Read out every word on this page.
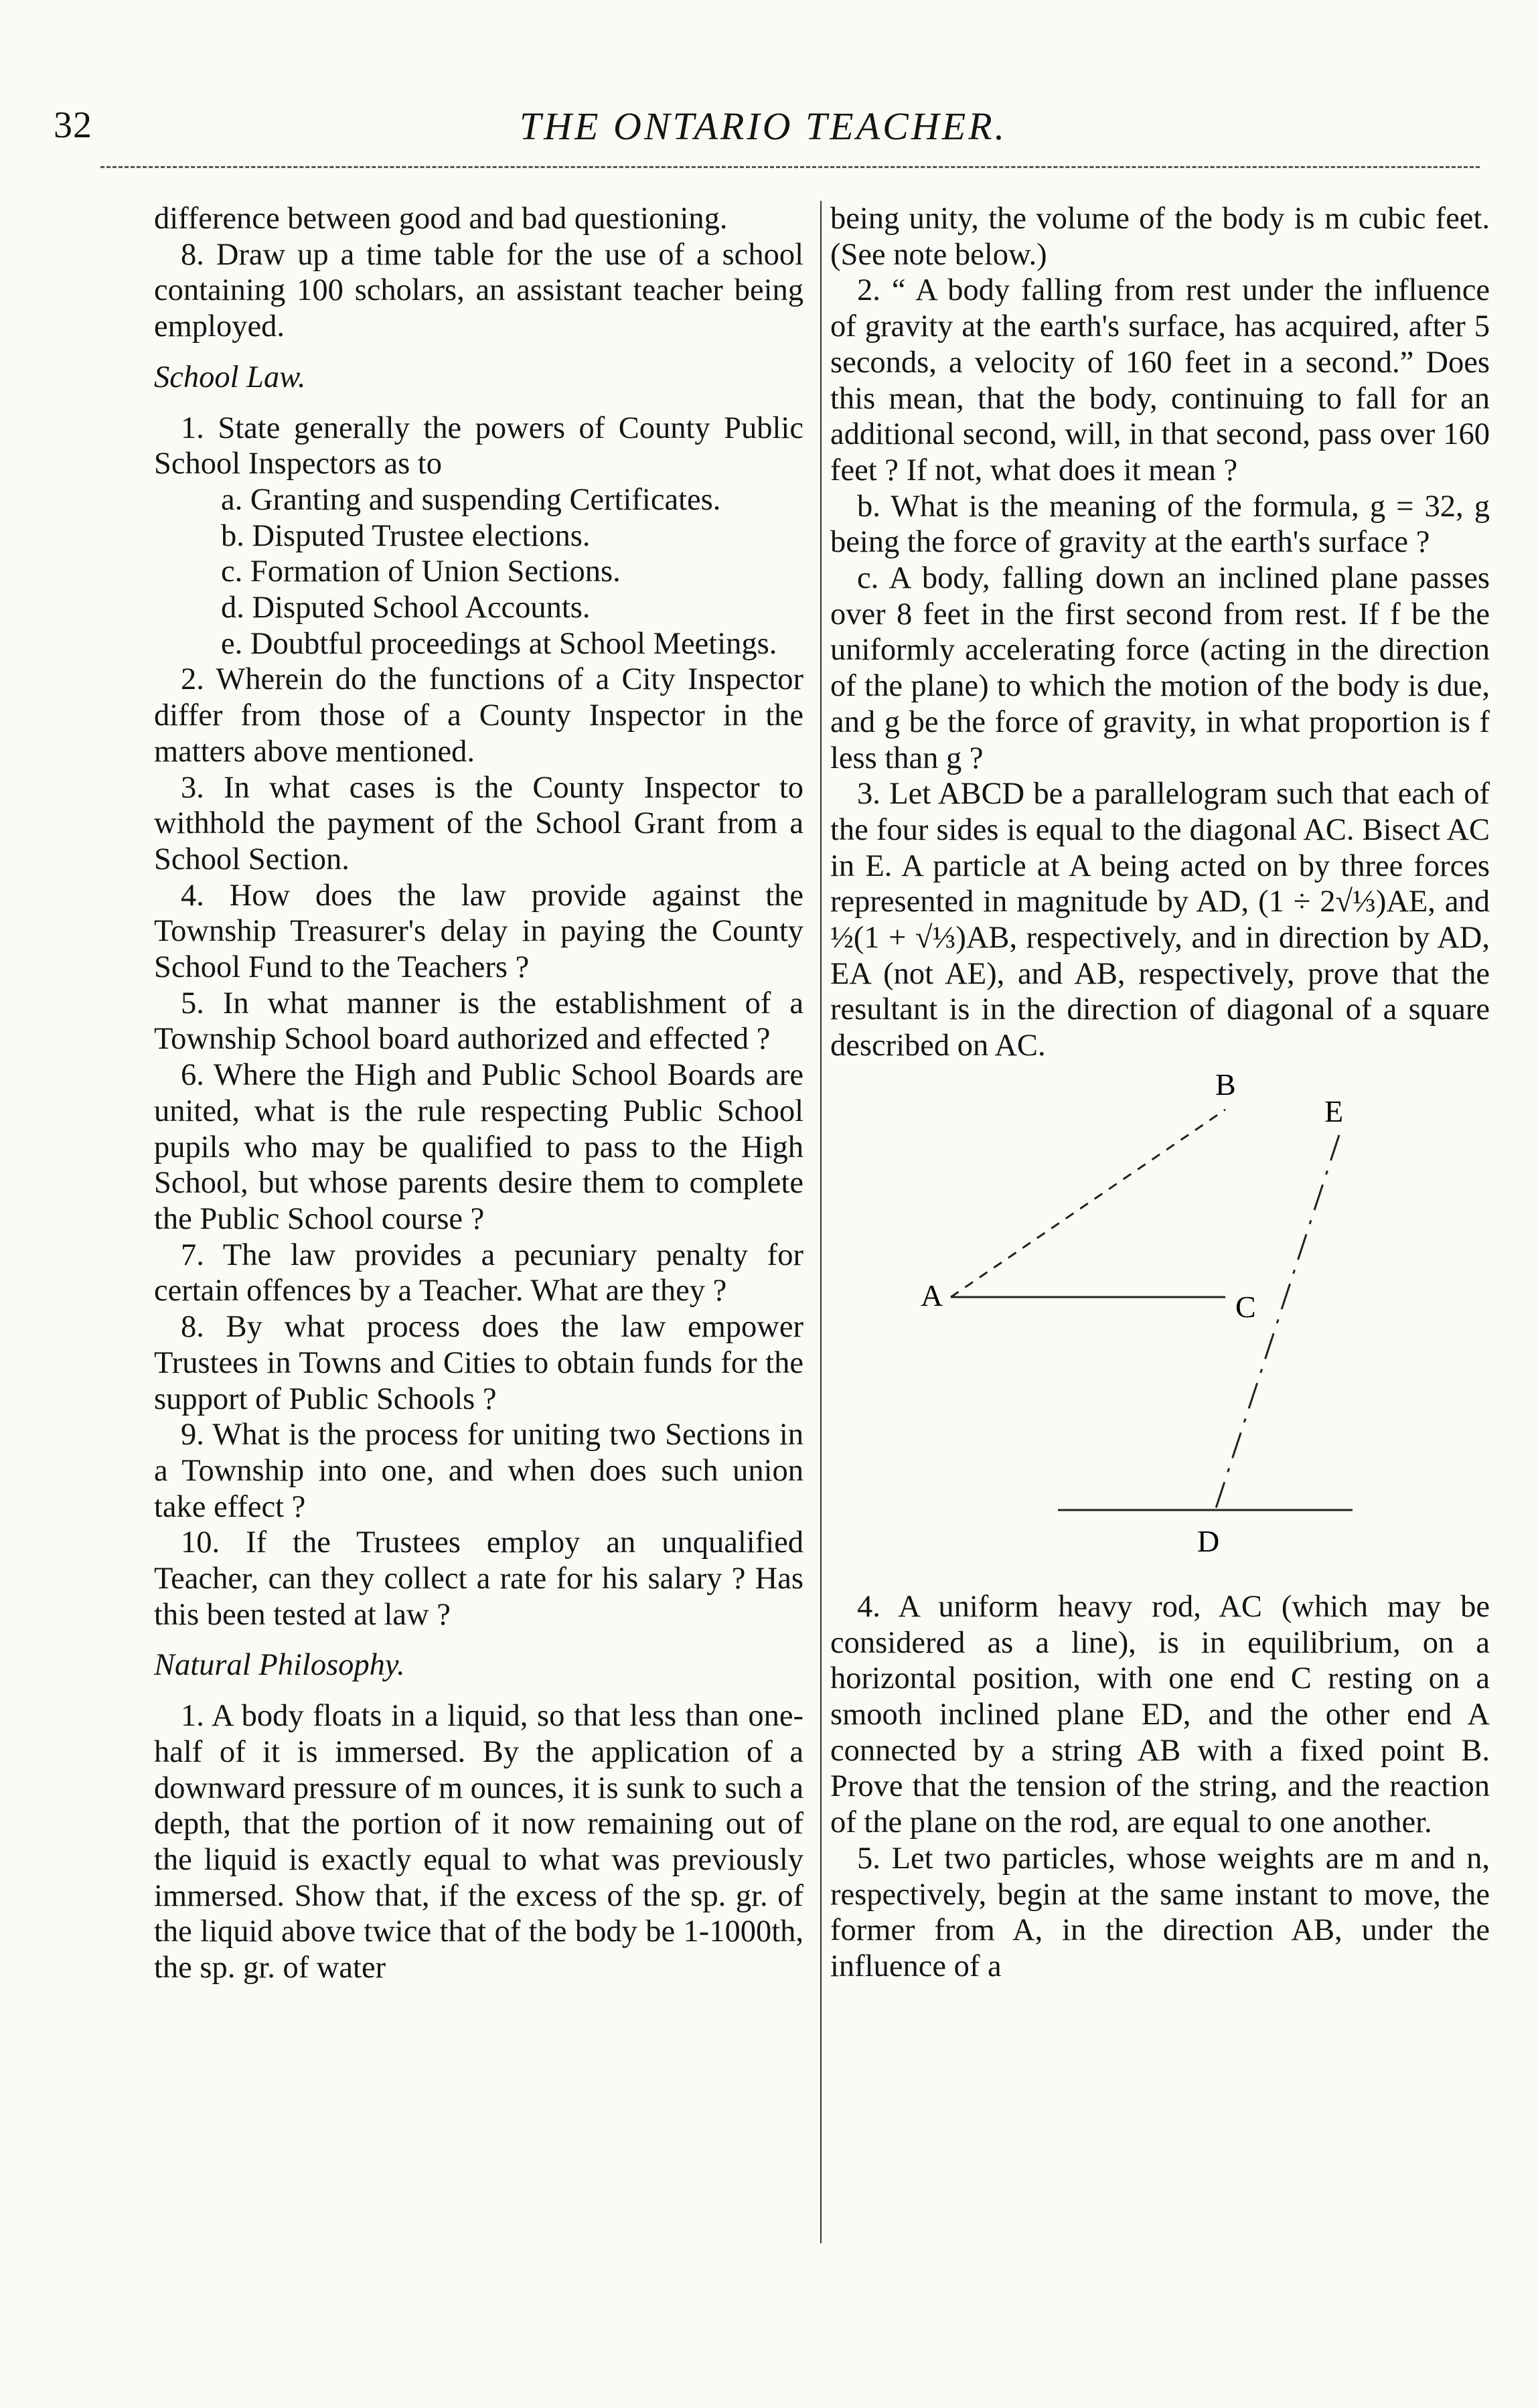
32	THE ONTARIO TEACHER.

difference between good and bad questioning.

8. Draw up a time table for the use of a school containing 100 scholars, an assistant teacher being employed.

School Law.

1. State generally the powers of County Public School Inspectors as to

a. Granting and suspending Certificates.

b. Disputed Trustee elections.

c. Formation of Union Sections.

d. Disputed School Accounts.

e. Doubtful proceedings at School Meetings.

2. Wherein do the functions of a City Inspector differ from those of a County Inspector in the matters above mentioned.

3. In what cases is the County Inspector to withhold the payment of the School Grant from a School Section.

4. How does the law provide against the Township Treasurer's delay in paying the County School Fund to the Teachers ?

5. In what manner is the establishment of a Township School board authorized and effected ?

6. Where the High and Public School Boards are united, what is the rule respecting Public School pupils who may be qualified to pass to the High School, but whose parents desire them to complete the Public School course ?

7. The law provides a pecuniary penalty for certain offences by a Teacher. What are they ?

8. By what process does the law empower Trustees in Towns and Cities to obtain funds for the support of Public Schools ?

9. What is the process for uniting two Sections in a Township into one, and when does such union take effect ?

10. If the Trustees employ an unqualified Teacher, can they collect a rate for his salary ? Has this been tested at law ?

Natural Philosophy.

1. A body floats in a liquid, so that less than one-half of it is immersed. By the application of a downward pressure of m ounces, it is sunk to such a depth, that the portion of it now remaining out of the liquid is exactly equal to what was previously immersed. Show that, if the excess of the sp. gr. of the liquid above twice that of the body be 1-1000th, the sp. gr. of water

being unity, the volume of the body is m cubic feet. (See note below.)

2. “ A body falling from rest under the influence of gravity at the earth's surface, has acquired, after 5 seconds, a velocity of 160 feet in a second.” Does this mean, that the body, continuing to fall for an additional second, will, in that second, pass over 160 feet ? If not, what does it mean ?

b. What is the meaning of the formula, g = 32, g being the force of gravity at the earth's surface ?

c. A body, falling down an inclined plane passes over 8 feet in the first second from rest. If f be the uniformly accelerating force (acting in the direction of the plane) to which the motion of the body is due, and g be the force of gravity, in what proportion is f less than g ?

3. Let ABCD be a parallelogram such that each of the four sides is equal to the diagonal AC. Bisect AC in E. A particle at A being acted on by three forces represented in magnitude by AD, (1 ÷ 2√⅓)AE, and ½(1 + √⅓)AB, respectively, and in direction by AD, EA (not AE), and AB, respectively, prove that the resultant is in the direction of diagonal of a square described on AC.

A
B
C
D
E

4. A uniform heavy rod, AC (which may be considered as a line), is in equilibrium, on a horizontal position, with one end C resting on a smooth inclined plane ED, and the other end A connected by a string AB with a fixed point B. Prove that the tension of the string, and the reaction of the plane on the rod, are equal to one another.

5. Let two particles, whose weights are m and n, respectively, begin at the same instant to move, the former from A, in the direction AB, under the influence of a
